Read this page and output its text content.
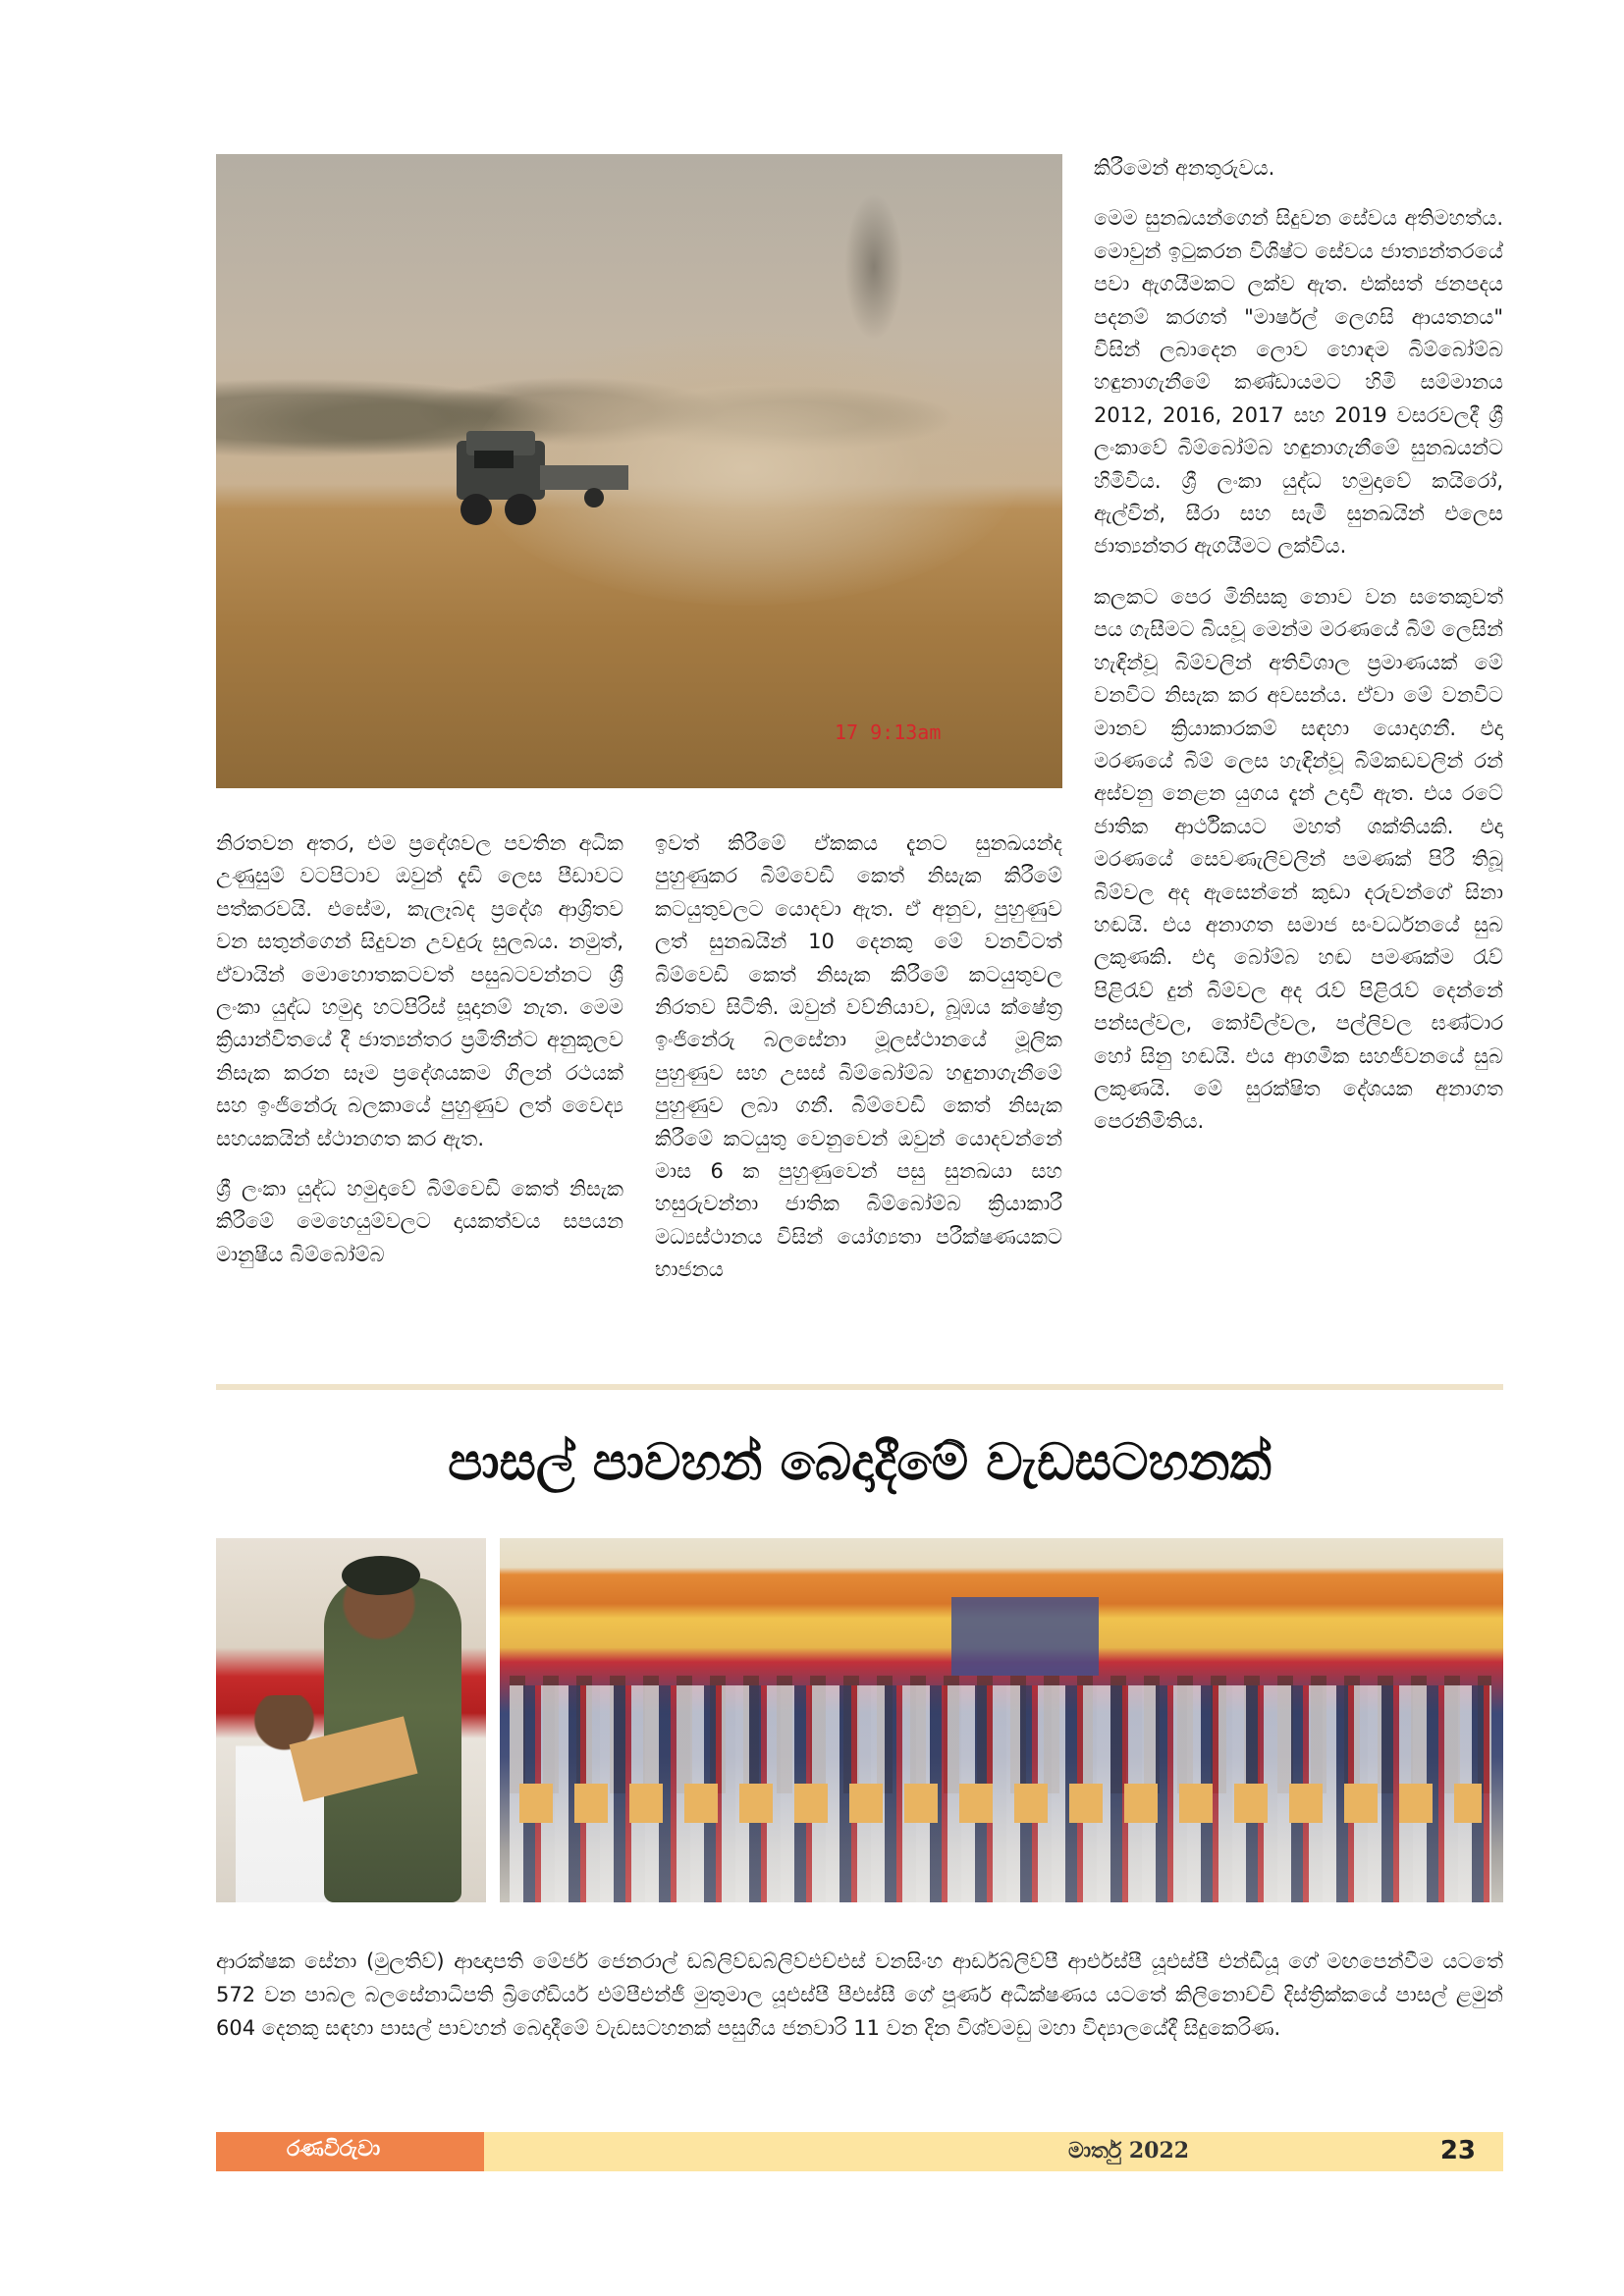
17 9:13am

කිරීමෙන් අනතුරුවය.

මෙම සුනඛයන්ගෙන් සිදුවන සේවය අතිමහත්ය. මොවුන් ඉටුකරන විශිෂ්ට සේවය ජාත්‍යන්තරයේ පවා ඇගයීමකට ලක්ව ඇත. එක්සත් ජනපදය පදනම් කරගත් "මාර්ෂල් ලෙගසි ආයතනය" විසින් ලබාදෙන ලොව හොඳම බිම්බෝම්බ හඳුනාගැනීමේ කණ්ඩායමට හිමි සම්මානය 2012, 2016, 2017 සහ 2019 වසරවලදී ශ්‍රී ලංකාවේ බිම්බෝම්බ හඳුනාගැනීමේ සුනඛයන්ට හිමිවිය. ශ්‍රී ලංකා යුද්ධ හමුදාවේ කයිරෝ, ඇල්වින්, සීරා සහ සැමී සුනඛයින් එලෙස ජාත්‍යන්තර ඇගයීමට ලක්විය.

කලකට පෙර මිනිසකු නොව වන සතෙකුවත් පය ගැසීමට බියවූ මෙන්ම මරණයේ බිම් ලෙසින් හැඳින්වූ බිම්වලින් අතිවිශාල ප්‍රමාණයක් මේ වනවිට නිසැක කර අවසන්ය. ඒවා මේ වනවිට මානව ක්‍රියාකාරකම් සඳහා යොදාගනී. එදා මරණයේ බිම් ලෙස හැඳින්වූ බිම්කඩවලින් රන් අස්වනු නෙළන යුගය දැන් උදාවී ඇත. එය රටේ ජාතික ආර්ථිකයට මහත් ශක්තියකි. එදා මරණයේ සෙවණැලිවලින් පමණක් පිරී තිබූ බිම්වල අද ඇසෙන්නේ කුඩා දරුවන්ගේ සිනා හඬයි. එය අනාගත සමාජ සංවර්ධනයේ සුබ ලකුණකි. එදා බෝම්බ හඬ පමණක්ම රැව් පිළිරැව් දුන් බිම්වල අද රැව් පිළිරැව් දෙන්නේ පන්සල්වල, කෝවිල්වල, පල්ලිවල ඝණ්ටාර හෝ සිනු හඬයි. එය ආගමික සහජීවනයේ සුබ ලකුණයි. මේ සුරක්ෂිත දේශයක අනාගත පෙරනිමිතිය.

නිරතවන අතර, එම ප්‍රදේශවල පවතින අධික උණුසුම් වටපිටාව ඔවුන් දැඩි ලෙස පීඩාවට පත්කරවයි. එසේම, කැලෑබද ප්‍රදේශ ආශ්‍රිතව වන සතුන්ගෙන් සිදුවන උවදුරු සුලබය. නමුත්, ඒවායින් මොහොතකටවත් පසුබටවන්නට ශ්‍රී ලංකා යුද්ධ හමුදා හටපිරිස් සූදානම් නැත. මෙම ක්‍රියාන්විතයේ දී ජාත්‍යන්තර ප්‍රමිතීන්ට අනුකූලව නිසැක කරන සෑම ප්‍රදේශයකම ගිලන් රථයක් සහ ඉංජිනේරු බලකායේ පුහුණුව ලත් වෛද්‍ය සහයකයින් ස්ථානගත කර ඇත.

ශ්‍රී ලංකා යුද්ධ හමුදාවේ බිම්වෙඩි කෙත් නිසැක කිරීමේ මෙහෙයුම්වලට දායකත්වය සපයන මානුෂීය බිම්බෝම්බ

ඉවත් කිරීමේ ඒකකය දැනට සුනඛයන්ද පුහුණුකර බිම්වෙඩි කෙත් නිසැක කිරීමේ කටයුතුවලට යොදවා ඇත. ඒ අනුව, පුහුණුව ලත් සුනඛයින් 10 දෙනකු මේ වනවිටත් බිම්වෙඩි කෙත් නිසැක කිරීමේ කටයුතුවල නිරතව සිටිති. ඔවුන් වව්නියාව, බූඹය ක්ෂේත්‍ර ඉංජිනේරු බලසේනා මූලස්ථානයේ මූලික පුහුණුව සහ උසස් බිම්බෝම්බ හඳුනාගැනීමේ පුහුණුව ලබා ගනී. බිම්වෙඩි කෙත් නිසැක කිරීමේ කටයුතු වෙනුවෙන් ඔවුන් යොදවන්නේ මාස 6 ක පුහුණුවෙන් පසු සුනඛයා සහ හසුරුවන්නා ජාතික බිම්බෝම්බ ක්‍රියාකාරී මධ්‍යස්ථානය විසින් යෝග්‍යතා පරීක්ෂණයකට භාජනය

පාසල් පාවහන් බෙදාදීමේ වැඩසටහනක්
ආරක්ෂක සේනා (මුලතිව්) ආඥාපති මේජර් ජෙනරාල් ඩබ්ලිව්ඩබ්ලිව්එච්එස් වනසිංහ ආර්ඩබ්ලිව්පී ආර්එස්පී යූඑස්පී එන්ඩීයූ ගේ මඟපෙන්වීම යටතේ 572 වන පාබල බලසේනාධිපති බ්‍රිගේඩියර් එම්පීඑන්ජී මුතුමාල යූඑස්පී පීඑස්සී ගේ පූර්ණ අධීක්ෂණය යටතේ කිලිනොච්චි දිස්ත්‍රික්කයේ පාසල් ළමුන් 604 දෙනකු සඳහා පාසල් පාවහන් බෙදාදීමේ වැඩසටහනක් පසුගිය ජනවාරි 11 වන දින විශ්වමඩු මහා විද්‍යාලයේදී සිදුකෙරිණ.
රණවිරුවා	මාර්තු 2022	23
